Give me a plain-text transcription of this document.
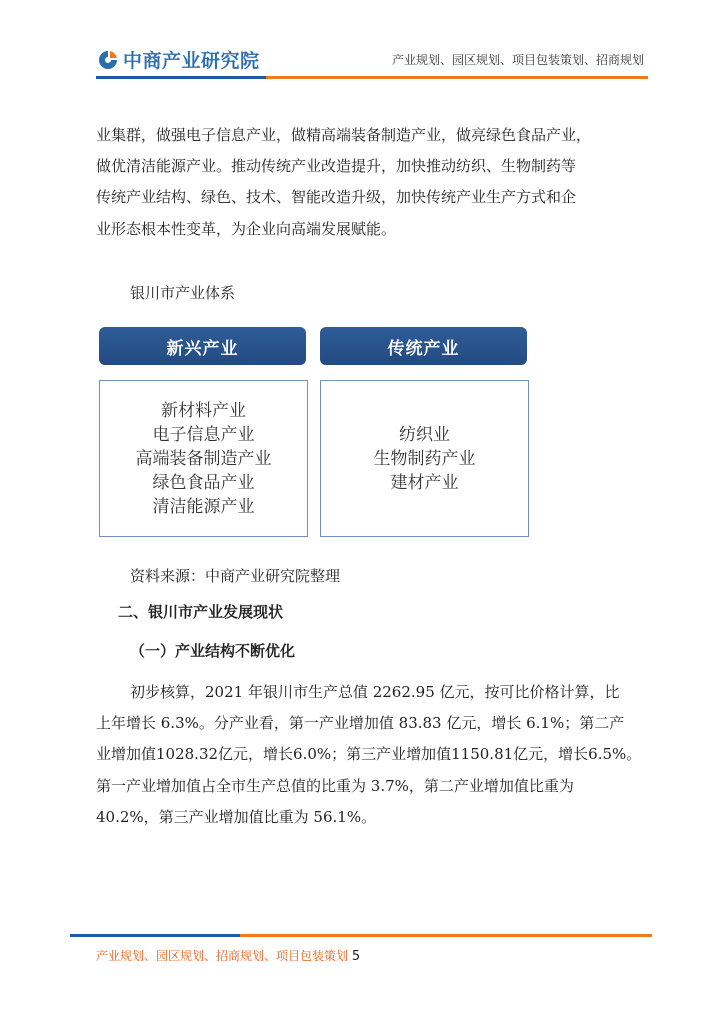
中商产业研究院	产业规划、园区规划、项目包装策划、招商规划
业集群，做强电子信息产业，做精高端装备制造产业，做亮绿色食品产业，
做优清洁能源产业。推动传统产业改造提升，加快推动纺织、生物制药等
传统产业结构、绿色、技术、智能改造升级，加快传统产业生产方式和企
业形态根本性变革，为企业向高端发展赋能。
银川市产业体系
新兴产业	传统产业
新材料产业
电子信息产业
高端装备制造产业
绿色食品产业
清洁能源产业
纺织业
生物制药产业
建材产业
资料来源：中商产业研究院整理
二、银川市产业发展现状
（一）产业结构不断优化
初步核算，2021 年银川市生产总值 2262.95 亿元，按可比价格计算，比
上年增长 6.3%。分产业看，第一产业增加值 83.83 亿元，增长 6.1%；第二产
业增加值1028.32亿元，增长6.0%；第三产业增加值1150.81亿元，增长6.5%。
第一产业增加值占全市生产总值的比重为 3.7%，第二产业增加值比重为
40.2%，第三产业增加值比重为 56.1%。
产业规划、园区规划、招商规划、项目包装策划 5
